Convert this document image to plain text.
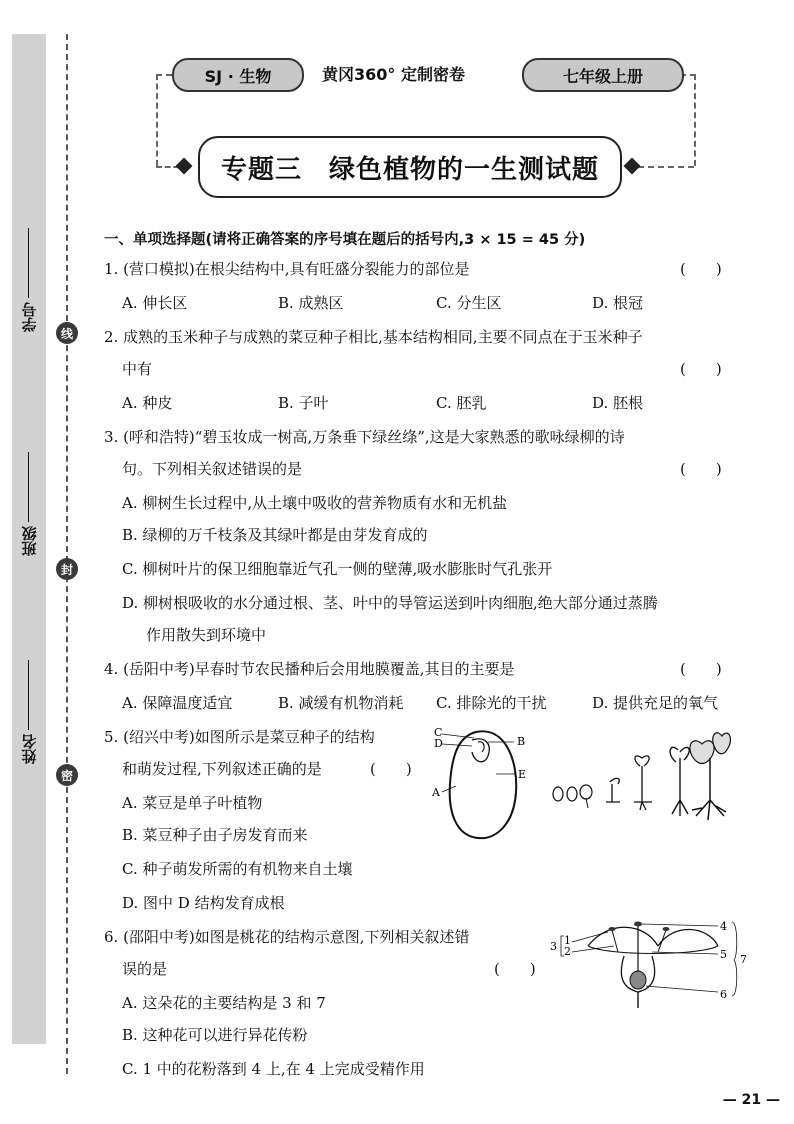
学号
班级
姓名
线
封
密
SJ · 生物	黄冈360° 定制密卷	七年级上册
专题三　绿色植物的一生测试题
一、单项选择题(请将正确答案的序号填在题后的括号内,3 × 15 = 45 分)
1. (营口模拟)在根尖结构中,具有旺盛分裂能力的部位是	(　　)
A. 伸长区	B. 成熟区	C. 分生区	D. 根冠
2. 成熟的玉米种子与成熟的菜豆种子相比,基本结构相同,主要不同点在于玉米种子
中有	(　　)
A. 种皮	B. 子叶	C. 胚乳	D. 胚根
3. (呼和浩特)“碧玉妆成一树高,万条垂下绿丝绦”,这是大家熟悉的歌咏绿柳的诗
句。下列相关叙述错误的是	(　　)
A. 柳树生长过程中,从土壤中吸收的营养物质有水和无机盐
B. 绿柳的万千枝条及其绿叶都是由芽发育成的
C. 柳树叶片的保卫细胞靠近气孔一侧的壁薄,吸水膨胀时气孔张开
D. 柳树根吸收的水分通过根、茎、叶中的导管运送到叶肉细胞,绝大部分通过蒸腾
作用散失到环境中
4. (岳阳中考)早春时节农民播种后会用地膜覆盖,其目的主要是	(　　)
A. 保障温度适宜	B. 减缓有机物消耗 C. 排除光的干扰	D. 提供充足的氧气
5. (绍兴中考)如图所示是菜豆种子的结构
和萌发过程,下列叙述正确的是	(　　)
A. 菜豆是单子叶植物
B. 菜豆种子由子房发育而来
C. 种子萌发所需的有机物来自土壤
D. 图中 D 结构发育成根
C
D	B
E
A
6. (邵阳中考)如图是桃花的结构示意图,下列相关叙述错
误的是	(　　)
A. 这朵花的主要结构是 3 和 7
B. 这种花可以进行异花传粉
C. 1 中的花粉落到 4 上,在 4 上完成受精作用
3 1
2
4
5 7
6
— 21 —
